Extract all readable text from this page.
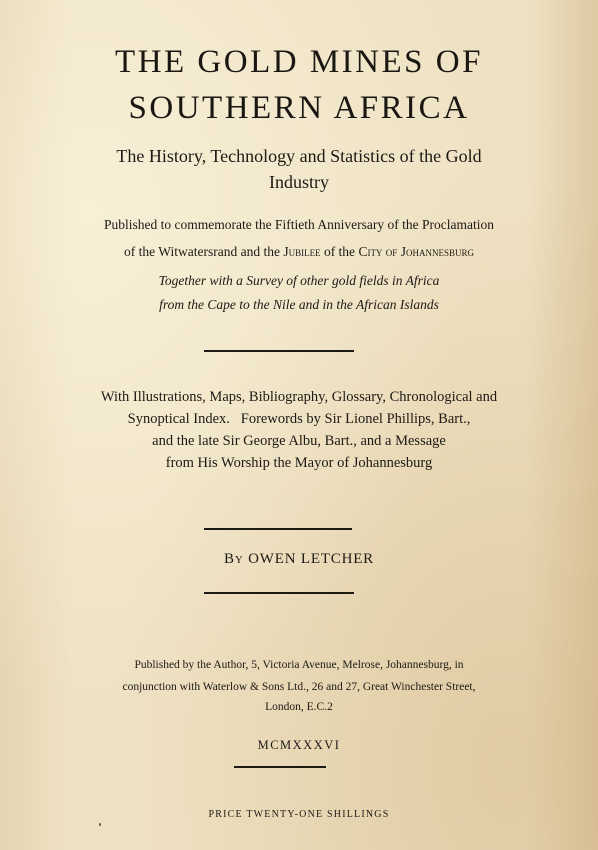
THE GOLD MINES OF
SOUTHERN AFRICA
The History, Technology and Statistics of the Gold
Industry
Published to commemorate the Fiftieth Anniversary of the Proclamation
of the Witwatersrand and the Jubilee of the City of Johannesburg
Together with a Survey of other gold fields in Africa
from the Cape to the Nile and in the African Islands
With Illustrations, Maps, Bibliography, Glossary, Chronological and
Synoptical Index.   Forewords by Sir Lionel Phillips, Bart.,
and the late Sir George Albu, Bart., and a Message
from His Worship the Mayor of Johannesburg
By OWEN LETCHER
Published by the Author, 5, Victoria Avenue, Melrose, Johannesburg, in
conjunction with Waterlow & Sons Ltd., 26 and 27, Great Winchester Street,
London, E.C.2
MCMXXXVI
PRICE TWENTY-ONE SHILLINGS
